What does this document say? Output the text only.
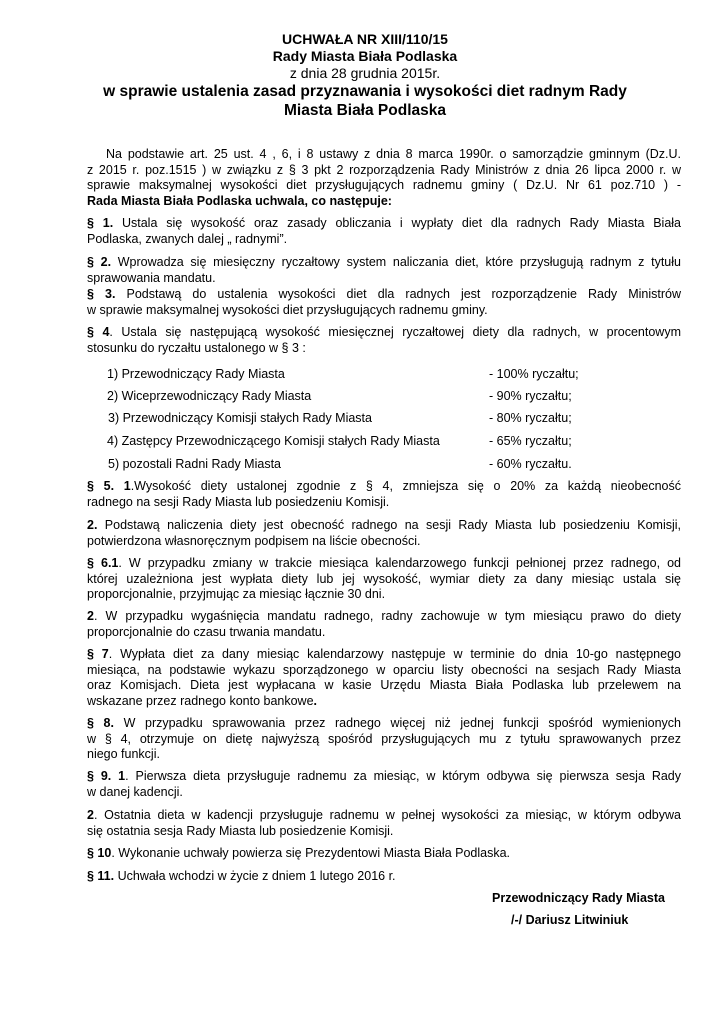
UCHWAŁA NR XIII/110/15
Rady Miasta Biała Podlaska
z dnia 28 grudnia 2015r.
w sprawie ustalenia zasad przyznawania i wysokości diet radnym Rady
Miasta Biała Podlaska
Na podstawie art. 25 ust. 4 , 6, i 8 ustawy z dnia 8 marca 1990r. o samorządzie gminnym (Dz.U.
z 2015 r. poz.1515 ) w związku z § 3 pkt 2 rozporządzenia Rady Ministrów z dnia 26 lipca 2000 r. w
sprawie maksymalnej wysokości diet przysługujących radnemu gminy ( Dz.U. Nr 61 poz.710 ) -
Rada Miasta Biała Podlaska uchwala, co następuje:
§ 1. Ustala się wysokość oraz zasady obliczania i wypłaty diet dla radnych Rady Miasta Biała
Podlaska, zwanych dalej „ radnymi”.
§ 2. Wprowadza się miesięczny ryczałtowy system naliczania diet, które przysługują radnym z tytułu
sprawowania mandatu.
§ 3. Podstawą do ustalenia wysokości diet dla radnych jest rozporządzenie Rady Ministrów
w sprawie maksymalnej wysokości diet przysługujących radnemu gminy.
§ 4. Ustala się następującą wysokość miesięcznej ryczałtowej diety dla radnych, w procentowym
stosunku do ryczałtu ustalonego w § 3 :
1) Przewodniczący Rady Miasta	- 100% ryczałtu;
2) Wiceprzewodniczący Rady Miasta	- 90% ryczałtu;
3) Przewodniczący Komisji stałych Rady Miasta	- 80% ryczałtu;
4) Zastępcy Przewodniczącego Komisji stałych Rady Miasta	- 65% ryczałtu;
5) pozostali Radni Rady Miasta	- 60% ryczałtu.
§ 5. 1.Wysokość diety ustalonej zgodnie z § 4, zmniejsza się o 20% za każdą nieobecność
radnego na sesji Rady Miasta lub posiedzeniu Komisji.
2. Podstawą naliczenia diety jest obecność radnego na sesji Rady Miasta lub posiedzeniu Komisji,
potwierdzona własnoręcznym podpisem na liście obecności.
§ 6.1. W przypadku zmiany w trakcie miesiąca kalendarzowego funkcji pełnionej przez radnego, od
której uzależniona jest wypłata diety lub jej wysokość, wymiar diety za dany miesiąc ustala się
proporcjonalnie, przyjmując za miesiąc łącznie 30 dni.
2. W przypadku wygaśnięcia mandatu radnego, radny zachowuje w tym miesiącu prawo do diety
proporcjonalnie do czasu trwania mandatu.
§ 7. Wypłata diet za dany miesiąc kalendarzowy następuje w terminie do dnia 10-go następnego
miesiąca, na podstawie wykazu sporządzonego w oparciu listy obecności na sesjach Rady Miasta
oraz Komisjach. Dieta jest wypłacana w kasie Urzędu Miasta Biała Podlaska lub przelewem na
wskazane przez radnego konto bankowe.
§ 8. W przypadku sprawowania przez radnego więcej niż jednej funkcji spośród wymienionych
w § 4, otrzymuje on dietę najwyższą spośród przysługujących mu z tytułu sprawowanych przez
niego funkcji.
§ 9. 1. Pierwsza dieta przysługuje radnemu za miesiąc, w którym odbywa się pierwsza sesja Rady
w danej kadencji.
2. Ostatnia dieta w kadencji przysługuje radnemu w pełnej wysokości za miesiąc, w którym odbywa
się ostatnia sesja Rady Miasta lub posiedzenie Komisji.
§ 10. Wykonanie uchwały powierza się Prezydentowi Miasta Biała Podlaska.
§ 11. Uchwała wchodzi w życie z dniem 1 lutego 2016 r.
Przewodniczący Rady Miasta
/-/ Dariusz Litwiniuk
